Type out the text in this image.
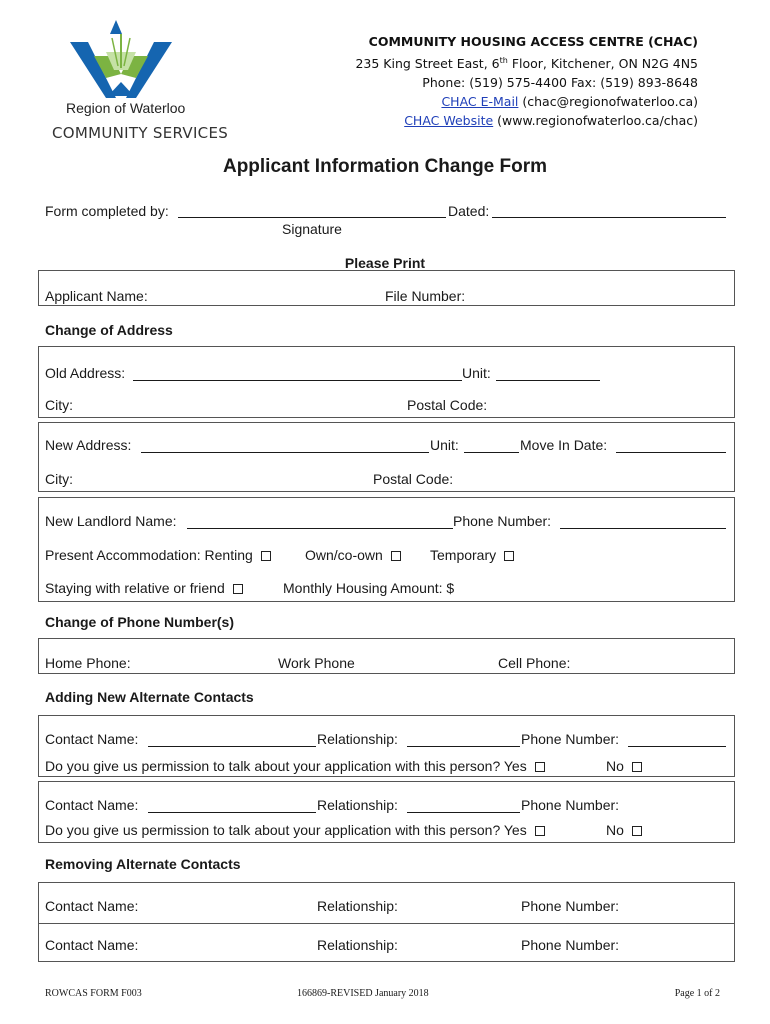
Region of Waterloo
COMMUNITY SERVICES
COMMUNITY HOUSING ACCESS CENTRE (CHAC)
235 King Street East, 6th Floor, Kitchener, ON N2G 4N5
Phone: (519) 575-4400 Fax: (519) 893-8648
CHAC E-Mail (chac@regionofwaterloo.ca)
CHAC Website (www.regionofwaterloo.ca/chac)
Applicant Information Change Form
Form completed by:	Dated:
Signature
Please Print
Applicant Name:	File Number:
Change of Address
Old Address:	Unit:
City:	Postal Code:
New Address:	Unit:	Move In Date:
City:	Postal Code:
New Landlord Name:	Phone Number:
Present Accommodation: Renting	Own/co-own	Temporary
Staying with relative or friend	Monthly Housing Amount: $
Change of Phone Number(s)
Home Phone:	Work Phone	Cell Phone:
Adding New Alternate Contacts
Contact Name:	Relationship:	Phone Number:
Do you give us permission to talk about your application with this person? Yes	No
Contact Name:	Relationship:	Phone Number:
Do you give us permission to talk about your application with this person? Yes	No
Removing Alternate Contacts
Contact Name:	Relationship:	Phone Number:
Contact Name:	Relationship:	Phone Number:
ROWCAS FORM F003	166869-REVISED January 2018	Page 1 of 2
